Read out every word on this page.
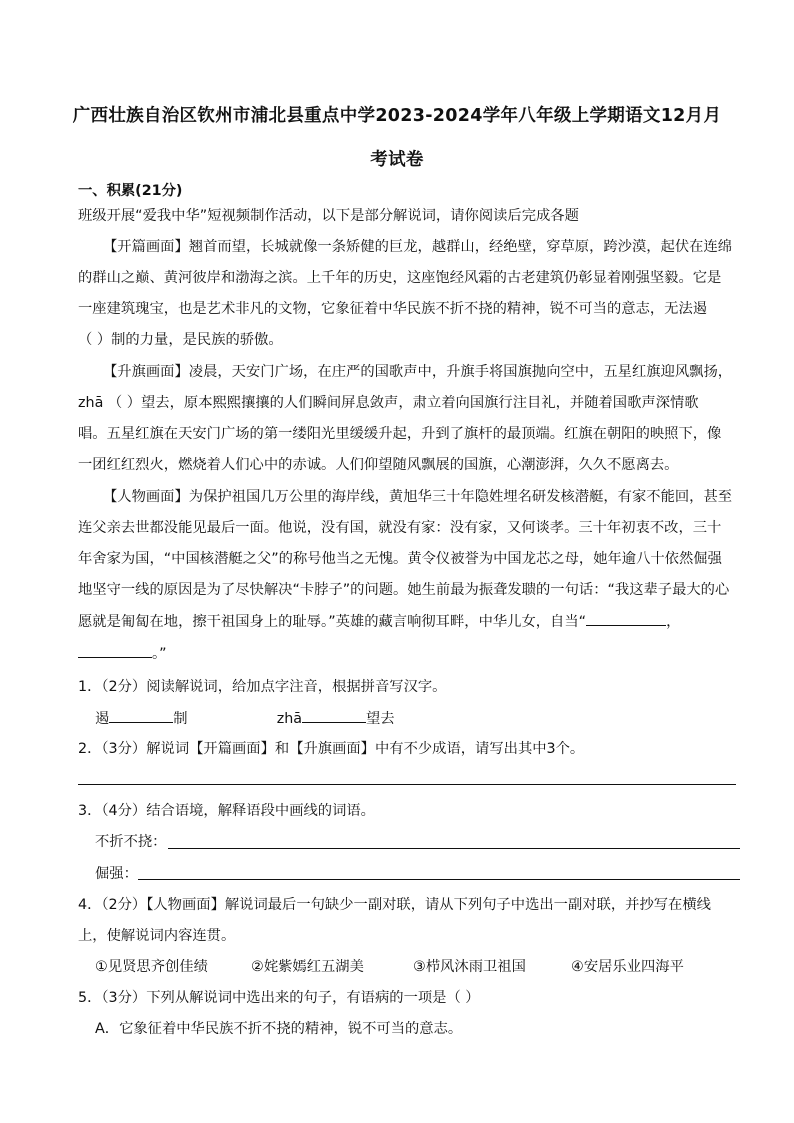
广西壮族自治区钦州市浦北县重点中学2023-2024学年八年级上学期语文12月月
考试卷
一、积累(21分)
班级开展“爱我中华”短视频制作活动，以下是部分解说词，请你阅读后完成各题
【开篇画面】翘首而望，长城就像一条矫健的巨龙，越群山，经绝壁，穿草原，跨沙漠，起伏在连绵
的群山之巅、黄河彼岸和渤海之滨。上千年的历史，这座饱经风霜的古老建筑仍彰显着刚强坚毅。它是
一座建筑瑰宝，也是艺术非凡的文物，它象征着中华民族不折不挠的精神，锐不可当的意志，无法遏
（ ）制的力量，是民族的骄傲。
【升旗画面】凌晨，天安门广场，在庄严的国歌声中，升旗手将国旗抛向空中，五星红旗迎风飘扬，
zhā （ ）望去，原本熙熙攘攘的人们瞬间屏息敛声，肃立着向国旗行注目礼，并随着国歌声深情歌
唱。五星红旗在天安门广场的第一缕阳光里缓缓升起，升到了旗杆的最顶端。红旗在朝阳的映照下，像
一团红红烈火，燃烧着人们心中的赤诚。人们仰望随风飘展的国旗，心潮澎湃，久久不愿离去。
【人物画面】为保护祖国几万公里的海岸线，黄旭华三十年隐姓埋名研发核潜艇，有家不能回，甚至
连父亲去世都没能见最后一面。他说，没有国，就没有家：没有家，又何谈孝。三十年初衷不改，三十
年舍家为国，“中国核潜艇之父”的称号他当之无愧。黄令仪被誉为中国龙芯之母，她年逾八十依然倔强
地坚守一线的原因是为了尽快解决“卡脖子”的问题。她生前最为振聋发聩的一句话：“我这辈子最大的心
愿就是匍匐在地，擦干祖国身上的耻辱。”英雄的藏言响彻耳畔，中华儿女，自当“	，
。”
1．（2分）阅读解说词，给加点字注音，根据拼音写汉字。
遏	制	zhā	望去
2．（3分）解说词【开篇画面】和【升旗画面】中有不少成语，请写出其中3个。
3．（4分）结合语境，解释语段中画线的词语。
不折不挠：
倔强：
4．（2分）【人物画面】解说词最后一句缺少一副对联，请从下列句子中选出一副对联，并抄写在横线
上，使解说词内容连贯。
①见贤思齐创佳绩	②姹紫嫣红五湖美	③栉风沐雨卫祖国	④安居乐业四海平
5．（3分）下列从解说词中选出来的句子，有语病的一项是（ ）
A．它象征着中华民族不折不挠的精神，锐不可当的意志。
